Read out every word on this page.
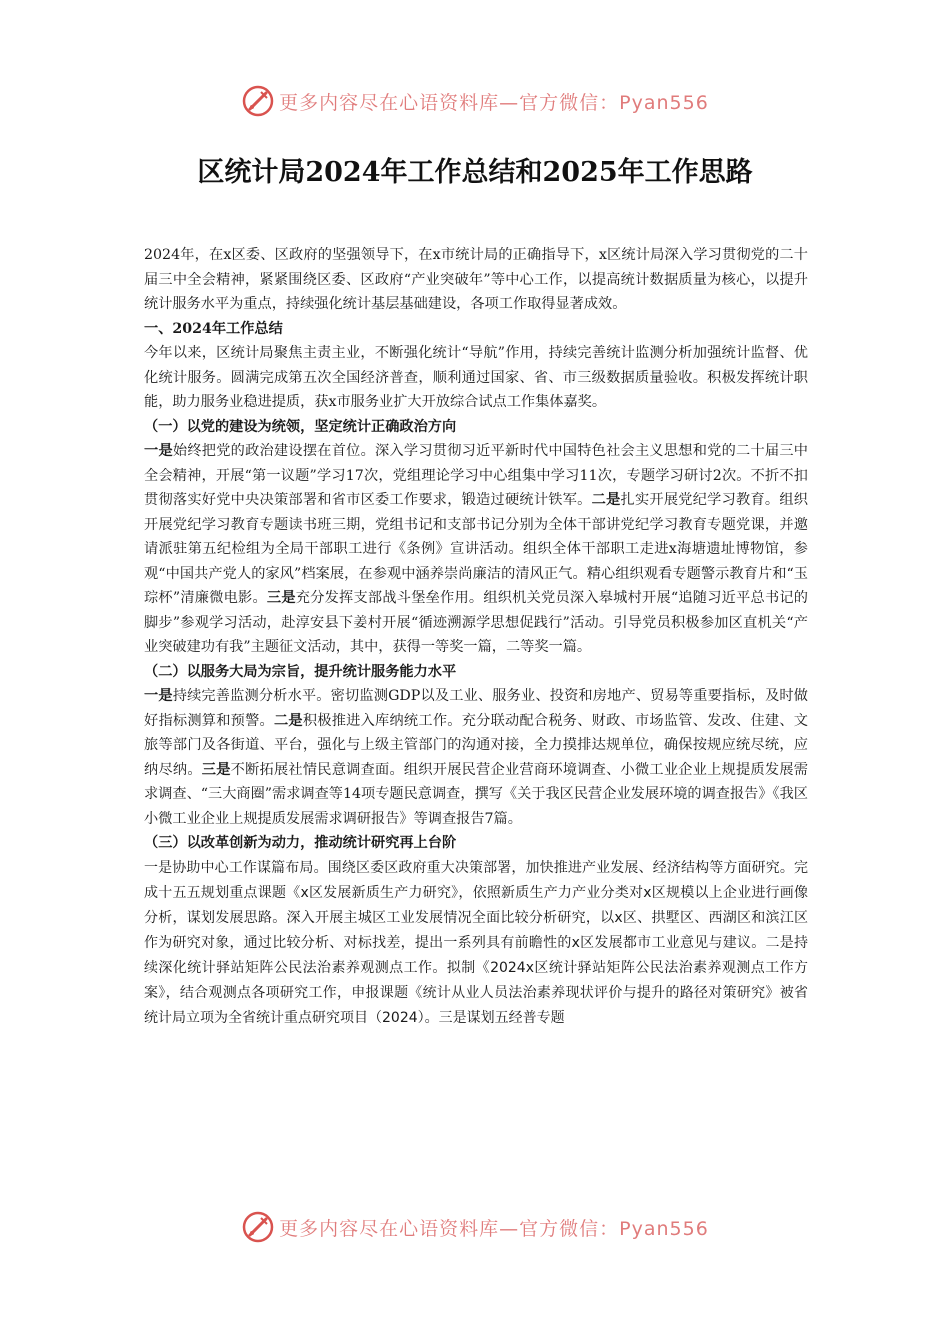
更多内容尽在心语资料库—官方微信：Pyan556
区统计局2024年工作总结和2025年工作思路

2024年，在x区委、区政府的坚强领导下，在x市统计局的正确指导下，x区统计局深入学习贯彻党的二十届三中全会精神，紧紧围绕区委、区政府“产业突破年”等中心工作，以提高统计数据质量为核心，以提升统计服务水平为重点，持续强化统计基层基础建设，各项工作取得显著成效。

一、2024年工作总结

今年以来，区统计局聚焦主责主业，不断强化统计“导航”作用，持续完善统计监测分析加强统计监督、优化统计服务。圆满完成第五次全国经济普查，顺利通过国家、省、市三级数据质量验收。积极发挥统计职能，助力服务业稳进提质，获x市服务业扩大开放综合试点工作集体嘉奖。

（一）以党的建设为统领，坚定统计正确政治方向

一是始终把党的政治建设摆在首位。深入学习贯彻习近平新时代中国特色社会主义思想和党的二十届三中全会精神，开展“第一议题”学习17次，党组理论学习中心组集中学习11次，专题学习研讨2次。不折不扣贯彻落实好党中央决策部署和省市区委工作要求，锻造过硬统计铁军。二是扎实开展党纪学习教育。组织开展党纪学习教育专题读书班三期，党组书记和支部书记分别为全体干部讲党纪学习教育专题党课，并邀请派驻第五纪检组为全局干部职工进行《条例》宣讲活动。组织全体干部职工走进x海塘遗址博物馆，参观“中国共产党人的家风”档案展，在参观中涵养崇尚廉洁的清风正气。精心组织观看专题警示教育片和“玉琮杯”清廉微电影。三是充分发挥支部战斗堡垒作用。组织机关党员深入皋城村开展“追随习近平总书记的脚步”参观学习活动，赴淳安县下姜村开展“循迹溯源学思想促践行”活动。引导党员积极参加区直机关“产业突破建功有我”主题征文活动，其中，获得一等奖一篇，二等奖一篇。

（二）以服务大局为宗旨，提升统计服务能力水平

一是持续完善监测分析水平。密切监测GDP以及工业、服务业、投资和房地产、贸易等重要指标，及时做好指标测算和预警。二是积极推进入库纳统工作。充分联动配合税务、财政、市场监管、发改、住建、文旅等部门及各街道、平台，强化与上级主管部门的沟通对接，全力摸排达规单位，确保按规应统尽统，应纳尽纳。三是不断拓展社情民意调查面。组织开展民营企业营商环境调查、小微工业企业上规提质发展需求调查、“三大商圈”需求调查等14项专题民意调查，撰写《关于我区民营企业发展环境的调查报告》《我区小微工业企业上规提质发展需求调研报告》等调查报告7篇。

（三）以改革创新为动力，推动统计研究再上台阶

一是协助中心工作谋篇布局。围绕区委区政府重大决策部署，加快推进产业发展、经济结构等方面研究。完成十五五规划重点课题《x区发展新质生产力研究》，依照新质生产力产业分类对x区规模以上企业进行画像分析，谋划发展思路。深入开展主城区工业发展情况全面比较分析研究，以x区、拱墅区、西湖区和滨江区作为研究对象，通过比较分析、对标找差，提出一系列具有前瞻性的x区发展都市工业意见与建议。二是持续深化统计驿站矩阵公民法治素养观测点工作。拟制《2024x区统计驿站矩阵公民法治素养观测点工作方案》，结合观测点各项研究工作，申报课题《统计从业人员法治素养现状评价与提升的路径对策研究》被省统计局立项为全省统计重点研究项目（2024）。三是谋划五经普专题

更多内容尽在心语资料库—官方微信：Pyan556
